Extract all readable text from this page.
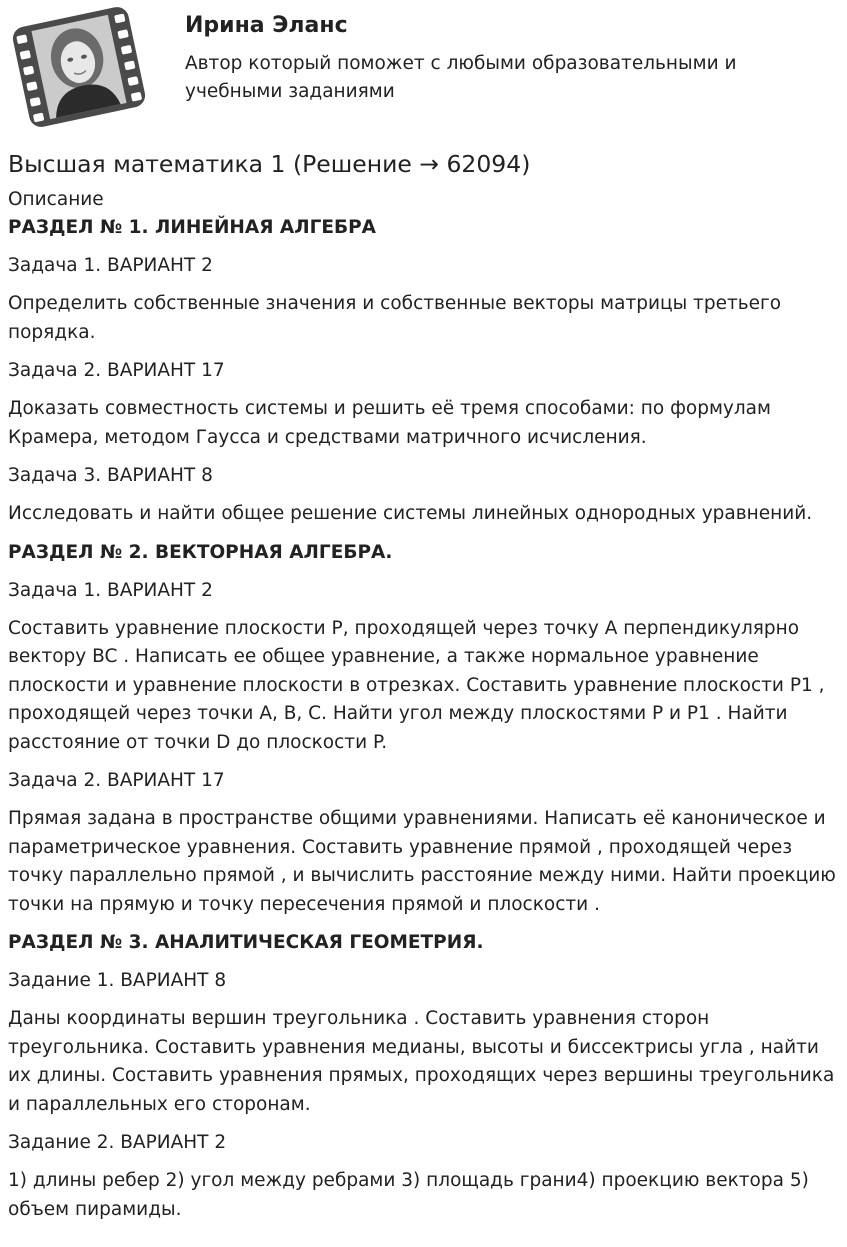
Ирина Эланс

Автор который поможет с любыми образовательными и учебными заданиями

Высшая математика 1 (Решение → 62094)

Описание

РАЗДЕЛ № 1. ЛИНЕЙНАЯ АЛГЕБРА

Задача 1. ВАРИАНТ 2

Определить собственные значения и собственные векторы матрицы третьего порядка.

Задача 2. ВАРИАНТ 17

Доказать совместность системы и решить её тремя способами: по формулам Крамера, методом Гаусса и средствами матричного исчисления.

Задача 3. ВАРИАНТ 8

Исследовать и найти общее решение системы линейных однородных уравнений.

РАЗДЕЛ № 2. ВЕКТОРНАЯ АЛГЕБРА.

Задача 1. ВАРИАНТ 2

Составить уравнение плоскости P, проходящей через точку A перпендикулярно вектору BC . Написать ее общее уравнение, а также нормальное уравнение плоскости и уравнение плоскости в отрезках. Составить уравнение плоскости P1 , проходящей через точки A, B, C. Найти угол между плоскостями P и P1 . Найти расстояние от точки D до плоскости P.

Задача 2. ВАРИАНТ 17

Прямая задана в пространстве общими уравнениями. Написать её каноническое и параметрическое уравнения. Составить уравнение прямой , проходящей через точку параллельно прямой , и вычислить расстояние между ними. Найти проекцию точки на прямую и точку пересечения прямой и плоскости .

РАЗДЕЛ № 3. АНАЛИТИЧЕСКАЯ ГЕОМЕТРИЯ.

Задание 1. ВАРИАНТ 8

Даны координаты вершин треугольника . Составить уравнения сторон треугольника. Составить уравнения медианы, высоты и биссектрисы угла , найти их длины. Составить уравнения прямых, проходящих через вершины треугольника и параллельных его сторонам.

Задание 2. ВАРИАНТ 2

1) длины ребер 2) угол между ребрами 3) площадь грани4) проекцию вектора 5) объем пирамиды.
